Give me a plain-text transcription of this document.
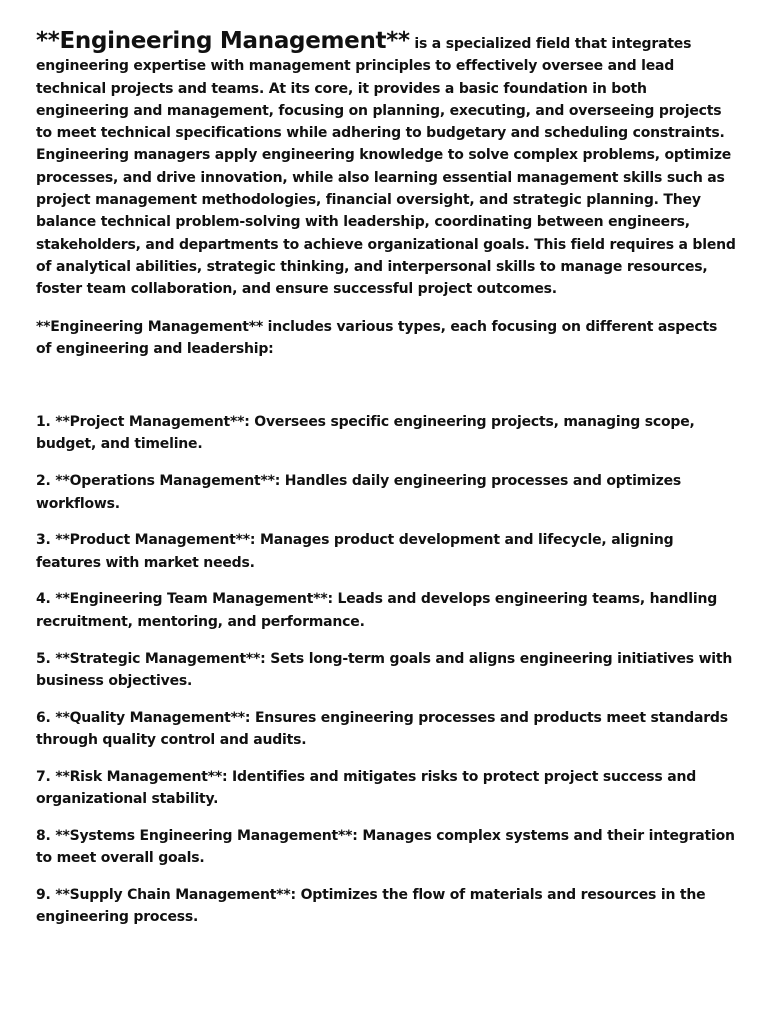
**Engineering Management** is a specialized field that integrates engineering expertise with management principles to effectively oversee and lead technical projects and teams. At its core, it provides a basic foundation in both engineering and management, focusing on planning, executing, and overseeing projects to meet technical specifications while adhering to budgetary and scheduling constraints. Engineering managers apply engineering knowledge to solve complex problems, optimize processes, and drive innovation, while also learning essential management skills such as project management methodologies, financial oversight, and strategic planning. They balance technical problem-solving with leadership, coordinating between engineers, stakeholders, and departments to achieve organizational goals. This field requires a blend of analytical abilities, strategic thinking, and interpersonal skills to manage resources, foster team collaboration, and ensure successful project outcomes.

**Engineering Management** includes various types, each focusing on different aspects of engineering and leadership:

1. **Project Management**: Oversees specific engineering projects, managing scope, budget, and timeline.

2. **Operations Management**: Handles daily engineering processes and optimizes workflows.

3. **Product Management**: Manages product development and lifecycle, aligning features with market needs.

4. **Engineering Team Management**: Leads and develops engineering teams, handling recruitment, mentoring, and performance.

5. **Strategic Management**: Sets long-term goals and aligns engineering initiatives with business objectives.

6. **Quality Management**: Ensures engineering processes and products meet standards through quality control and audits.

7. **Risk Management**: Identifies and mitigates risks to protect project success and organizational stability.

8. **Systems Engineering Management**: Manages complex systems and their integration to meet overall goals.

9. **Supply Chain Management**: Optimizes the flow of materials and resources in the engineering process.
